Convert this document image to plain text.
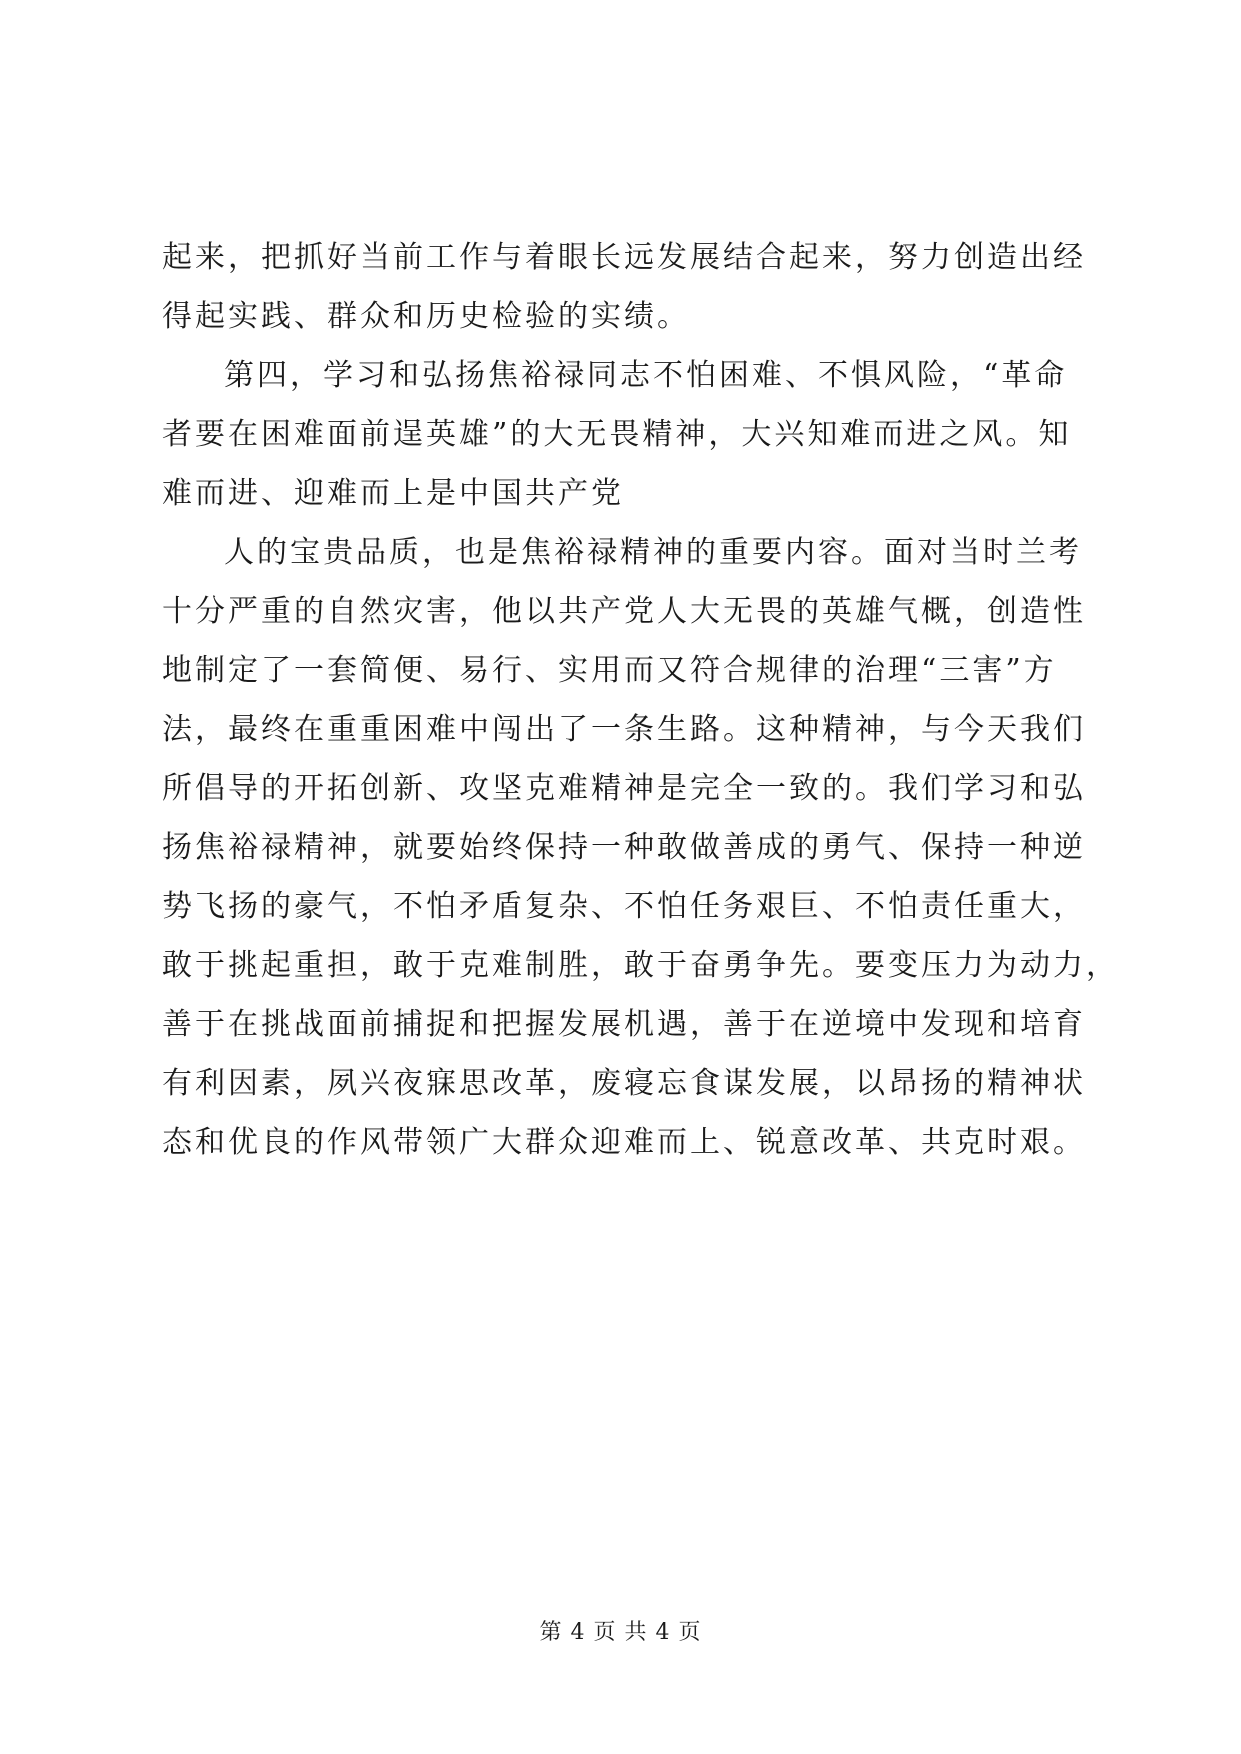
起来，把抓好当前工作与着眼长远发展结合起来，努力创造出经
得起实践、群众和历史检验的实绩。
第四，学习和弘扬焦裕禄同志不怕困难、不惧风险，“革命
者要在困难面前逞英雄”的大无畏精神，大兴知难而进之风。知
难而进、迎难而上是中国共产党
人的宝贵品质，也是焦裕禄精神的重要内容。面对当时兰考
十分严重的自然灾害，他以共产党人大无畏的英雄气概，创造性
地制定了一套简便、易行、实用而又符合规律的治理“三害”方
法，最终在重重困难中闯出了一条生路。这种精神，与今天我们
所倡导的开拓创新、攻坚克难精神是完全一致的。我们学习和弘
扬焦裕禄精神，就要始终保持一种敢做善成的勇气、保持一种逆
势飞扬的豪气，不怕矛盾复杂、不怕任务艰巨、不怕责任重大，
敢于挑起重担，敢于克难制胜，敢于奋勇争先。要变压力为动力，
善于在挑战面前捕捉和把握发展机遇，善于在逆境中发现和培育
有利因素，夙兴夜寐思改革，废寝忘食谋发展，以昂扬的精神状
态和优良的作风带领广大群众迎难而上、锐意改革、共克时艰。
第 4 页 共 4 页
